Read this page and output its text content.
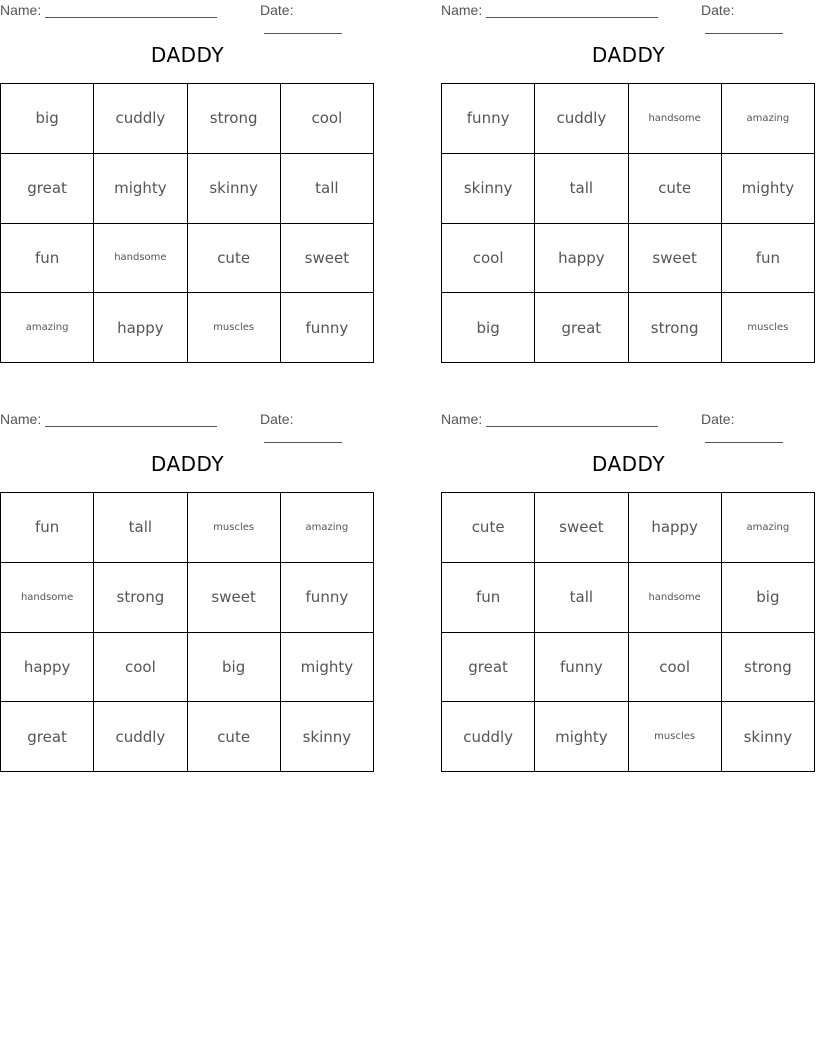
Name:	Date:
DADDY
big	cuddly	strong	cool
great	mighty	skinny	tall
fun	handsome	cute	sweet
amazing	happy	muscles	funny
Name:	Date:
DADDY
funny	cuddly	handsome	amazing
skinny	tall	cute	mighty
cool	happy	sweet	fun
big	great	strong	muscles
Name:	Date:
DADDY
fun	tall	muscles	amazing
handsome	strong	sweet	funny
happy	cool	big	mighty
great	cuddly	cute	skinny
Name:	Date:
DADDY
cute	sweet	happy	amazing
fun	tall	handsome	big
great	funny	cool	strong
cuddly	mighty	muscles	skinny
